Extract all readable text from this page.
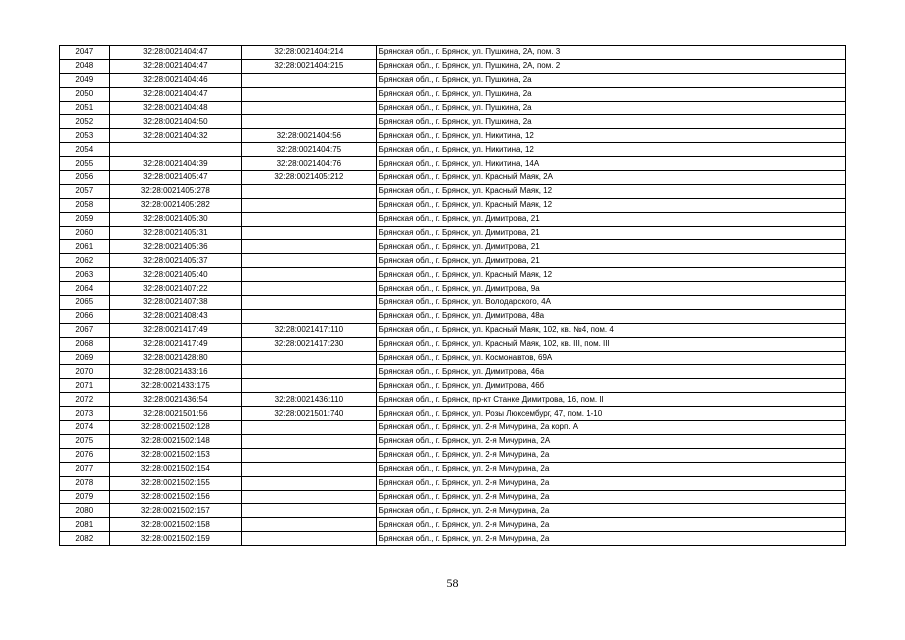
2047	32:28:0021404:47	32:28:0021404:214	Брянская обл., г. Брянск, ул. Пушкина, 2А, пом. 3
2048	32:28:0021404:47	32:28:0021404:215	Брянская обл., г. Брянск, ул. Пушкина, 2А, пом. 2
2049	32:28:0021404:46		Брянская обл., г. Брянск, ул. Пушкина, 2а
2050	32:28:0021404:47		Брянская обл., г. Брянск, ул. Пушкина, 2а
2051	32:28:0021404:48		Брянская обл., г. Брянск, ул. Пушкина, 2а
2052	32:28:0021404:50		Брянская обл., г. Брянск, ул. Пушкина, 2а
2053	32:28:0021404:32	32:28:0021404:56	Брянская обл., г. Брянск, ул. Никитина, 12
2054		32:28:0021404:75	Брянская обл., г. Брянск, ул. Никитина, 12
2055	32:28:0021404:39	32:28:0021404:76	Брянская обл., г. Брянск, ул. Никитина, 14А
2056	32:28:0021405:47	32:28:0021405:212	Брянская обл., г. Брянск, ул. Красный Маяк, 2А
2057	32:28:0021405:278		Брянская обл., г. Брянск, ул. Красный Маяк, 12
2058	32:28:0021405:282		Брянская обл., г. Брянск, ул. Красный Маяк, 12
2059	32:28:0021405:30		Брянская обл., г. Брянск, ул. Димитрова, 21
2060	32:28:0021405:31		Брянская обл., г. Брянск, ул. Димитрова, 21
2061	32:28:0021405:36		Брянская обл., г. Брянск, ул. Димитрова, 21
2062	32:28:0021405:37		Брянская обл., г. Брянск, ул. Димитрова, 21
2063	32:28:0021405:40		Брянская обл., г. Брянск, ул. Красный Маяк, 12
2064	32:28:0021407:22		Брянская обл., г. Брянск, ул. Димитрова, 9а
2065	32:28:0021407:38		Брянская обл., г. Брянск, ул. Володарского, 4А
2066	32:28:0021408:43		Брянская обл., г. Брянск, ул. Димитрова, 48а
2067	32:28:0021417:49	32:28:0021417:110	Брянская обл., г. Брянск, ул. Красный Маяк, 102, кв. №4, пом. 4
2068	32:28:0021417:49	32:28:0021417:230	Брянская обл., г. Брянск, ул. Красный Маяк, 102, кв. III, пом. III
2069	32:28:0021428:80		Брянская обл., г. Брянск, ул. Космонавтов, 69А
2070	32:28:0021433:16		Брянская обл., г. Брянск, ул. Димитрова, 46а
2071	32:28:0021433:175		Брянская обл., г. Брянск, ул. Димитрова, 46б
2072	32:28:0021436:54	32:28:0021436:110	Брянская обл., г. Брянск, пр-кт Станке Димитрова, 16, пом. II
2073	32:28:0021501:56	32:28:0021501:740	Брянская обл., г. Брянск, ул. Розы Люксембург, 47, пом. 1-10
2074	32:28:0021502:128		Брянская обл., г. Брянск, ул. 2-я Мичурина, 2а корп. А
2075	32:28:0021502:148		Брянская обл., г. Брянск, ул. 2-я Мичурина, 2А
2076	32:28:0021502:153		Брянская обл., г. Брянск, ул. 2-я Мичурина, 2а
2077	32:28:0021502:154		Брянская обл., г. Брянск, ул. 2-я Мичурина, 2а
2078	32:28:0021502:155		Брянская обл., г. Брянск, ул. 2-я Мичурина, 2а
2079	32:28:0021502:156		Брянская обл., г. Брянск, ул. 2-я Мичурина, 2а
2080	32:28:0021502:157		Брянская обл., г. Брянск, ул. 2-я Мичурина, 2а
2081	32:28:0021502:158		Брянская обл., г. Брянск, ул. 2-я Мичурина, 2а
2082	32:28:0021502:159		Брянская обл., г. Брянск, ул. 2-я Мичурина, 2а
58
